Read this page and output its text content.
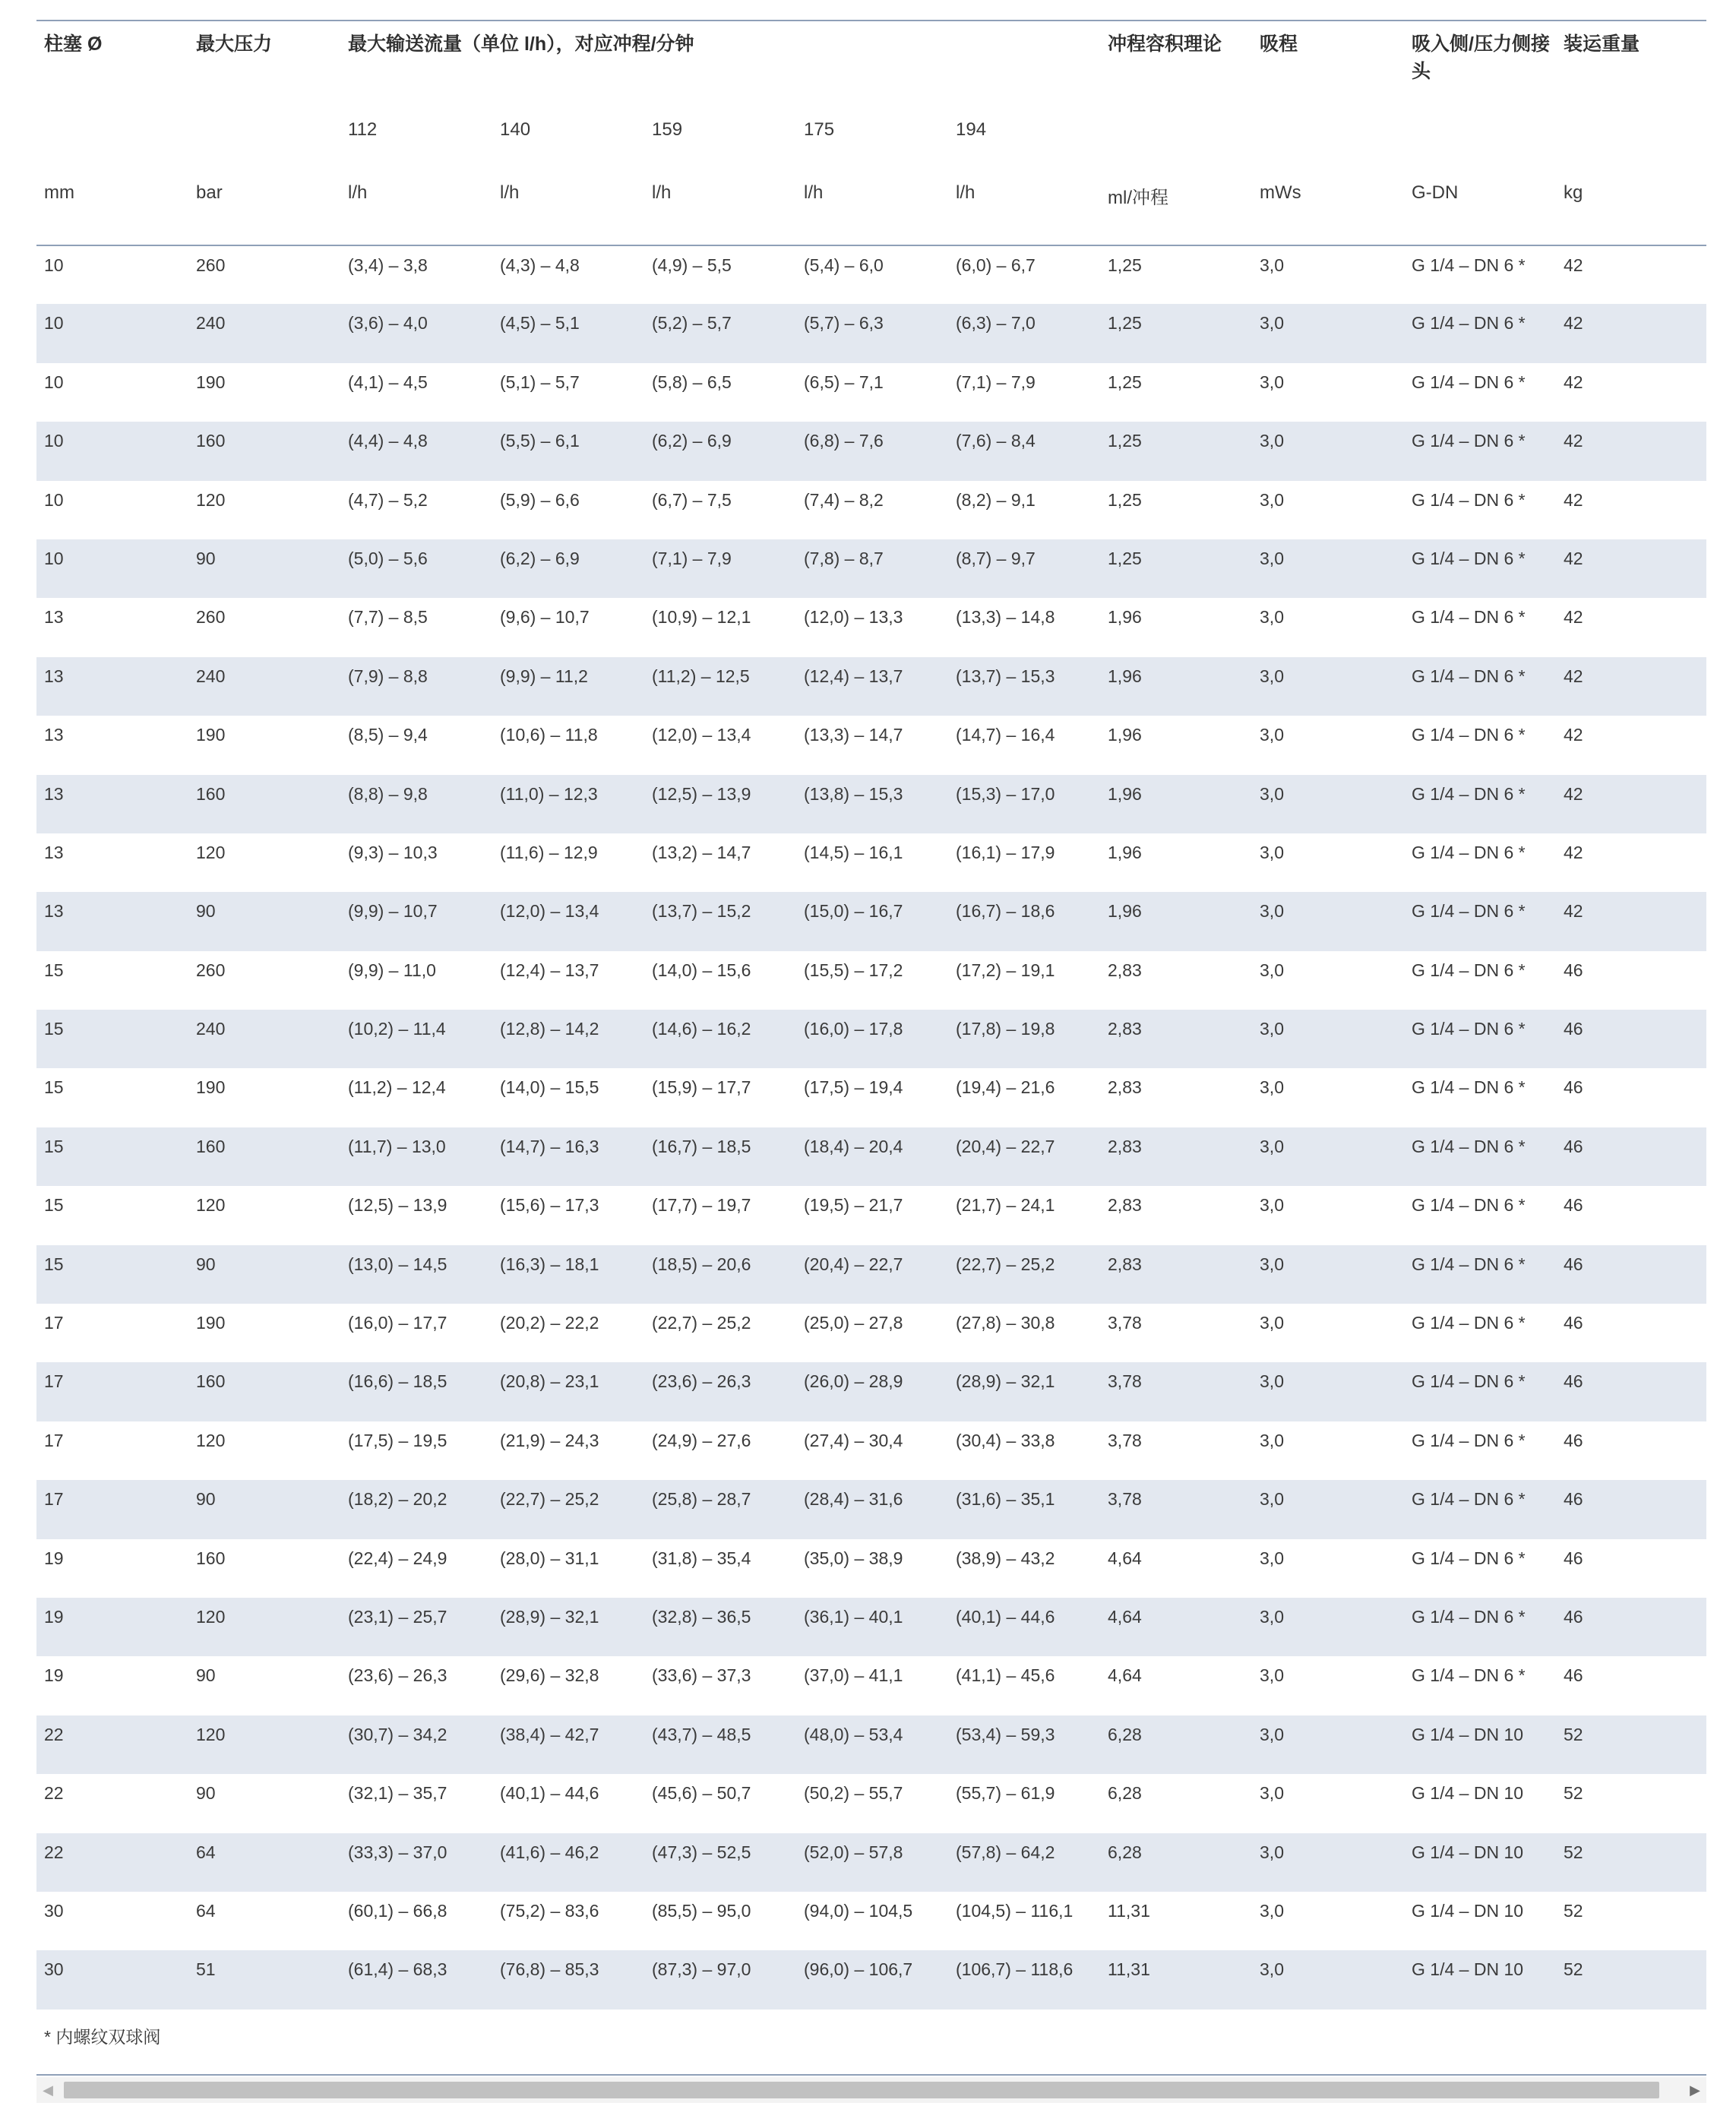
柱塞 Ø	最大压力	最大输送流量（单位 l/h），对应冲程/分钟					冲程容积理论	吸程	吸入侧/压力侧接头	装运重量
		112	140	159	175	194				
mm	bar	l/h	l/h	l/h	l/h	l/h	ml/冲程	mWs	G-DN	kg
10	260	(3,4) – 3,8	(4,3) – 4,8	(4,9) – 5,5	(5,4) – 6,0	(6,0) – 6,7	1,25	3,0	G 1/4 – DN 6 *	42
10	240	(3,6) – 4,0	(4,5) – 5,1	(5,2) – 5,7	(5,7) – 6,3	(6,3) – 7,0	1,25	3,0	G 1/4 – DN 6 *	42
10	190	(4,1) – 4,5	(5,1) – 5,7	(5,8) – 6,5	(6,5) – 7,1	(7,1) – 7,9	1,25	3,0	G 1/4 – DN 6 *	42
10	160	(4,4) – 4,8	(5,5) – 6,1	(6,2) – 6,9	(6,8) – 7,6	(7,6) – 8,4	1,25	3,0	G 1/4 – DN 6 *	42
10	120	(4,7) – 5,2	(5,9) – 6,6	(6,7) – 7,5	(7,4) – 8,2	(8,2) – 9,1	1,25	3,0	G 1/4 – DN 6 *	42
10	90	(5,0) – 5,6	(6,2) – 6,9	(7,1) – 7,9	(7,8) – 8,7	(8,7) – 9,7	1,25	3,0	G 1/4 – DN 6 *	42
13	260	(7,7) – 8,5	(9,6) – 10,7	(10,9) – 12,1	(12,0) – 13,3	(13,3) – 14,8	1,96	3,0	G 1/4 – DN 6 *	42
13	240	(7,9) – 8,8	(9,9) – 11,2	(11,2) – 12,5	(12,4) – 13,7	(13,7) – 15,3	1,96	3,0	G 1/4 – DN 6 *	42
13	190	(8,5) – 9,4	(10,6) – 11,8	(12,0) – 13,4	(13,3) – 14,7	(14,7) – 16,4	1,96	3,0	G 1/4 – DN 6 *	42
13	160	(8,8) – 9,8	(11,0) – 12,3	(12,5) – 13,9	(13,8) – 15,3	(15,3) – 17,0	1,96	3,0	G 1/4 – DN 6 *	42
13	120	(9,3) – 10,3	(11,6) – 12,9	(13,2) – 14,7	(14,5) – 16,1	(16,1) – 17,9	1,96	3,0	G 1/4 – DN 6 *	42
13	90	(9,9) – 10,7	(12,0) – 13,4	(13,7) – 15,2	(15,0) – 16,7	(16,7) – 18,6	1,96	3,0	G 1/4 – DN 6 *	42
15	260	(9,9) – 11,0	(12,4) – 13,7	(14,0) – 15,6	(15,5) – 17,2	(17,2) – 19,1	2,83	3,0	G 1/4 – DN 6 *	46
15	240	(10,2) – 11,4	(12,8) – 14,2	(14,6) – 16,2	(16,0) – 17,8	(17,8) – 19,8	2,83	3,0	G 1/4 – DN 6 *	46
15	190	(11,2) – 12,4	(14,0) – 15,5	(15,9) – 17,7	(17,5) – 19,4	(19,4) – 21,6	2,83	3,0	G 1/4 – DN 6 *	46
15	160	(11,7) – 13,0	(14,7) – 16,3	(16,7) – 18,5	(18,4) – 20,4	(20,4) – 22,7	2,83	3,0	G 1/4 – DN 6 *	46
15	120	(12,5) – 13,9	(15,6) – 17,3	(17,7) – 19,7	(19,5) – 21,7	(21,7) – 24,1	2,83	3,0	G 1/4 – DN 6 *	46
15	90	(13,0) – 14,5	(16,3) – 18,1	(18,5) – 20,6	(20,4) – 22,7	(22,7) – 25,2	2,83	3,0	G 1/4 – DN 6 *	46
17	190	(16,0) – 17,7	(20,2) – 22,2	(22,7) – 25,2	(25,0) – 27,8	(27,8) – 30,8	3,78	3,0	G 1/4 – DN 6 *	46
17	160	(16,6) – 18,5	(20,8) – 23,1	(23,6) – 26,3	(26,0) – 28,9	(28,9) – 32,1	3,78	3,0	G 1/4 – DN 6 *	46
17	120	(17,5) – 19,5	(21,9) – 24,3	(24,9) – 27,6	(27,4) – 30,4	(30,4) – 33,8	3,78	3,0	G 1/4 – DN 6 *	46
17	90	(18,2) – 20,2	(22,7) – 25,2	(25,8) – 28,7	(28,4) – 31,6	(31,6) – 35,1	3,78	3,0	G 1/4 – DN 6 *	46
19	160	(22,4) – 24,9	(28,0) – 31,1	(31,8) – 35,4	(35,0) – 38,9	(38,9) – 43,2	4,64	3,0	G 1/4 – DN 6 *	46
19	120	(23,1) – 25,7	(28,9) – 32,1	(32,8) – 36,5	(36,1) – 40,1	(40,1) – 44,6	4,64	3,0	G 1/4 – DN 6 *	46
19	90	(23,6) – 26,3	(29,6) – 32,8	(33,6) – 37,3	(37,0) – 41,1	(41,1) – 45,6	4,64	3,0	G 1/4 – DN 6 *	46
22	120	(30,7) – 34,2	(38,4) – 42,7	(43,7) – 48,5	(48,0) – 53,4	(53,4) – 59,3	6,28	3,0	G 1/4 – DN 10	52
22	90	(32,1) – 35,7	(40,1) – 44,6	(45,6) – 50,7	(50,2) – 55,7	(55,7) – 61,9	6,28	3,0	G 1/4 – DN 10	52
22	64	(33,3) – 37,0	(41,6) – 46,2	(47,3) – 52,5	(52,0) – 57,8	(57,8) – 64,2	6,28	3,0	G 1/4 – DN 10	52
30	64	(60,1) – 66,8	(75,2) – 83,6	(85,5) – 95,0	(94,0) – 104,5	(104,5) – 116,1	11,31	3,0	G 1/4 – DN 10	52
30	51	(61,4) – 68,3	(76,8) – 85,3	(87,3) – 97,0	(96,0) – 106,7	(106,7) – 118,6	11,31	3,0	G 1/4 – DN 10	52
* 内螺纹双球阀
◀	▶
